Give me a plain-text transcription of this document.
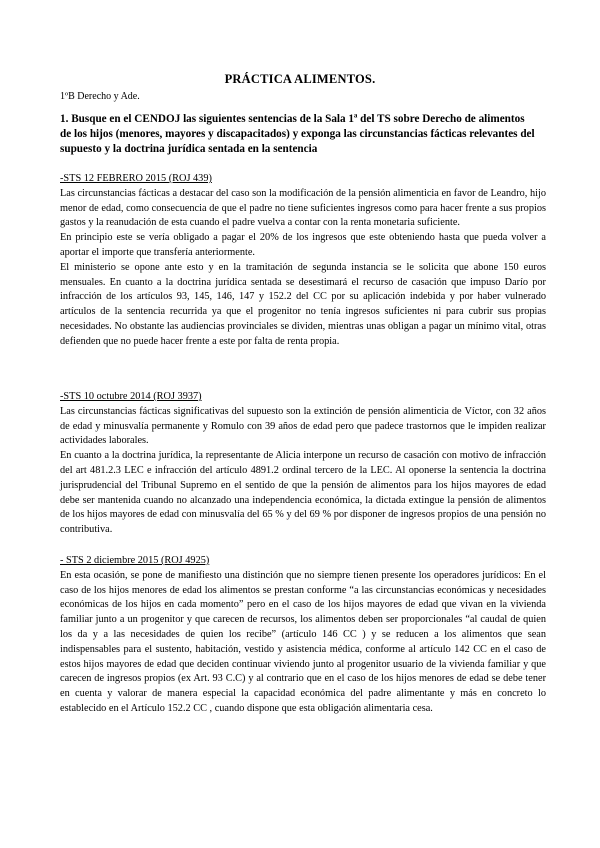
PRÁCTICA ALIMENTOS.
1ºB Derecho y Ade.
1. Busque en el CENDOJ las siguientes sentencias de la Sala 1ª del TS sobre Derecho de alimentos de los hijos (menores, mayores y discapacitados) y exponga las circunstancias fácticas relevantes del supuesto y la doctrina jurídica sentada en la sentencia
-STS 12 FEBRERO 2015 (ROJ 439)

Las circunstancias fácticas a destacar del caso son la modificación de la pensión alimenticia en favor de Leandro, hijo menor de edad, como consecuencia de que el padre no tiene suficientes ingresos como para hacer frente a sus propios gastos y la reanudación de esta cuando el padre vuelva a contar con la renta monetaria suficiente.

En principio este se vería obligado a pagar el 20% de los ingresos que este obteniendo hasta que pueda volver a aportar el importe que transfería anteriormente.

El ministerio se opone ante esto y en la tramitación de segunda instancia se le solicita que abone 150 euros mensuales. En cuanto a la doctrina jurídica sentada se desestimará el recurso de casación que impuso Darío por infracción de los artículos 93, 145, 146, 147 y 152.2 del CC por su aplicación indebida y por haber vulnerado artículos de la sentencia recurrida ya que el progenitor no tenía ingresos suficientes ni para cubrir sus propias necesidades. No obstante las audiencias provinciales se dividen, mientras unas obligan a pagar un mínimo vital, otras defienden que no puede hacer frente a este por falta de renta propia.

-STS 10 octubre 2014 (ROJ 3937)

Las circunstancias fácticas significativas del supuesto son la extinción de pensión alimenticia de Víctor, con 32 años de edad y minusvalía permanente y Romulo con 39 años de edad pero que padece trastornos que le impiden realizar actividades laborales.

En cuanto a la doctrina jurídica, la representante de Alicia interpone un recurso de casación con motivo de infracción del art 481.2.3 LEC e infracción del artículo 4891.2 ordinal tercero de la LEC. Al oponerse la sentencia la doctrina jurisprudencial del Tribunal Supremo en el sentido de que la pensión de alimentos para los hijos mayores de edad debe ser mantenida cuando no alcanzado una independencia económica, la dictada extingue la pensión de alimentos de los hijos mayores de edad con minusvalía del 65 % y del 69 % por disponer de ingresos propios de una pensión no contributiva.

- STS 2 diciembre 2015 (ROJ 4925)

En esta ocasión, se pone de manifiesto una distinción que no siempre tienen presente los operadores jurídicos: En el caso de los hijos menores de edad los alimentos se prestan conforme “a las circunstancias económicas y necesidades económicas de los hijos en cada momento” pero en el caso de los hijos mayores de edad que vivan en la vivienda familiar junto a un progenitor y que carecen de recursos, los alimentos deben ser proporcionales “al caudal de quien los da y a las necesidades de quien los recibe” (artículo 146 CC ) y se reducen a los alimentos que sean indispensables para el sustento, habitación, vestido y asistencia médica, conforme al artículo 142 CC en el caso de estos hijos mayores de edad que deciden continuar viviendo junto al progenitor usuario de la vivienda familiar y que carecen de ingresos propios (ex Art. 93 C.C) y al contrario que en el caso de los hijos menores de edad se debe tener en cuenta y valorar de manera especial la capacidad económica del padre alimentante y más en concreto lo establecido en el Artículo 152.2 CC , cuando dispone que esta obligación alimentaria cesa.
